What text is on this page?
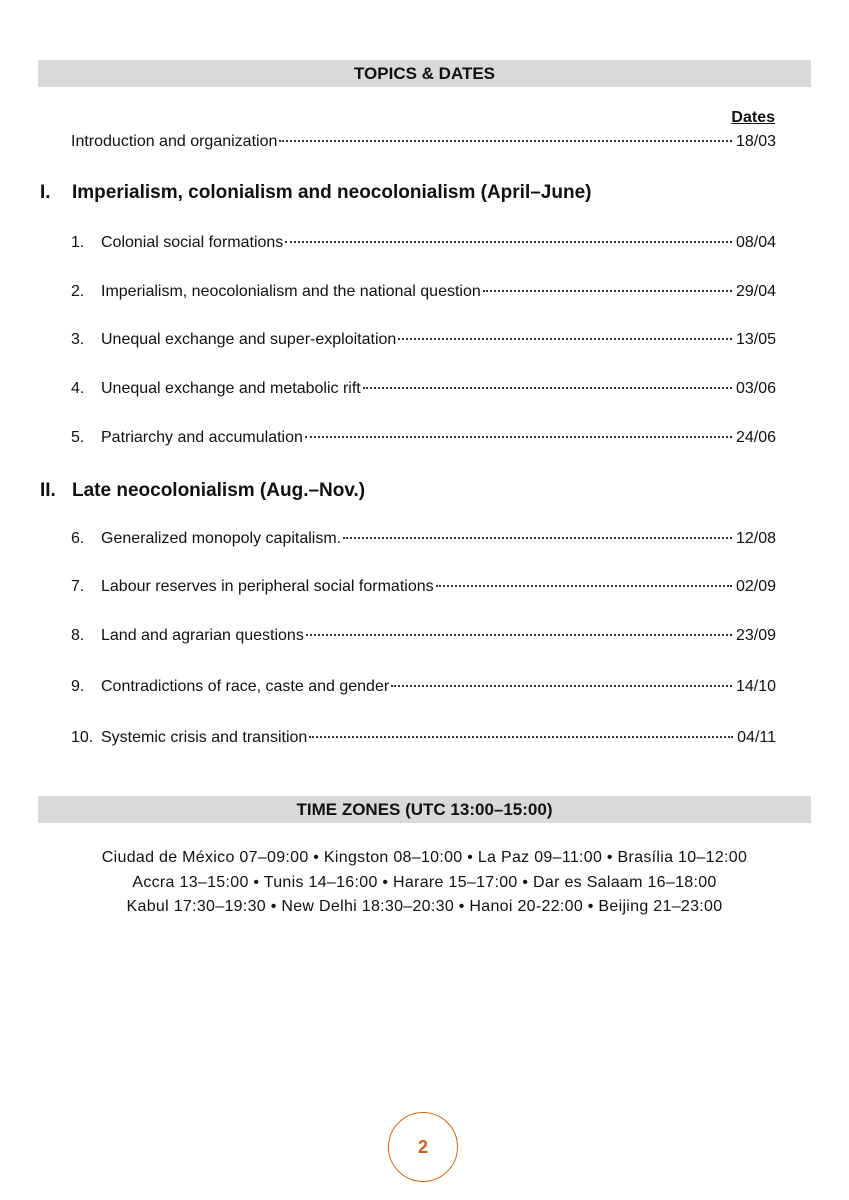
TOPICS & DATES
Dates
Introduction and organization	18/03
I.	Imperialism, colonialism and neocolonialism (April–June)
1.	Colonial social formations	08/04
2.	Imperialism, neocolonialism and the national question	29/04
3.	Unequal exchange and super-exploitation	13/05
4.	Unequal exchange and metabolic rift	03/06
5.	Patriarchy and accumulation	24/06
II. Late neocolonialism (Aug.–Nov.)
6.	Generalized monopoly capitalism.	12/08
7.	Labour reserves in peripheral social formations	02/09
8.	Land and agrarian questions	23/09
9.	Contradictions of race, caste and gender	14/10
10. Systemic crisis and transition	04/11
TIME ZONES (UTC 13:00–15:00)
Ciudad de México 07–09:00 • Kingston 08–10:00 • La Paz 09–11:00 • Brasília 10–12:00
Accra 13–15:00 • Tunis 14–16:00 • Harare 15–17:00 • Dar es Salaam 16–18:00
Kabul 17:30–19:30 • New Delhi 18:30–20:30 • Hanoi 20-22:00 • Beijing 21–23:00
2
